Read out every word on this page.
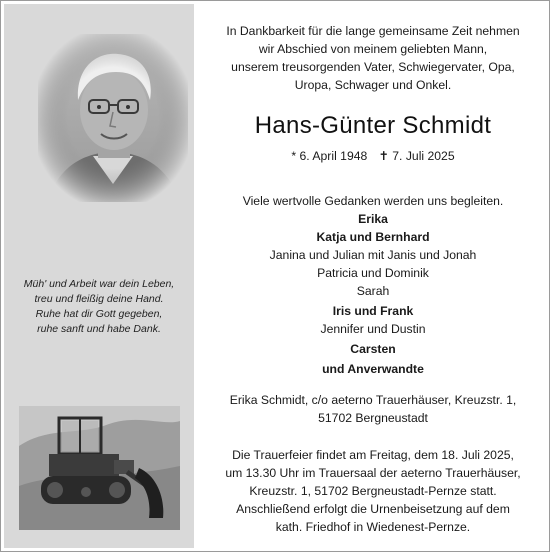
Müh' und Arbeit war dein Leben,
treu und fleißig deine Hand.
Ruhe hat dir Gott gegeben,
ruhe sanft und habe Dank.
In Dankbarkeit für die lange gemeinsame Zeit nehmen
wir Abschied von meinem geliebten Mann,
unserem treusorgenden Vater, Schwiegervater, Opa,
Uropa, Schwager und Onkel.
Hans-Günter Schmidt
* 6. April 1948 ✝ 7. Juli 2025
Viele wertvolle Gedanken werden uns begleiten.
Erika
Katja und Bernhard
Janina und Julian mit Janis und Jonah
Patricia und Dominik
Sarah
Iris und Frank
Jennifer und Dustin
Carsten
und Anverwandte
Erika Schmidt, c/o aeterno Trauerhäuser, Kreuzstr. 1,
51702 Bergneustadt
Die Trauerfeier findet am Freitag, dem 18. Juli 2025,
um 13.30 Uhr im Trauersaal der aeterno Trauerhäuser,
Kreuzstr. 1, 51702 Bergneustadt-Pernze statt.
Anschließend erfolgt die Urnenbeisetzung auf dem
kath. Friedhof in Wiedenest-Pernze.
